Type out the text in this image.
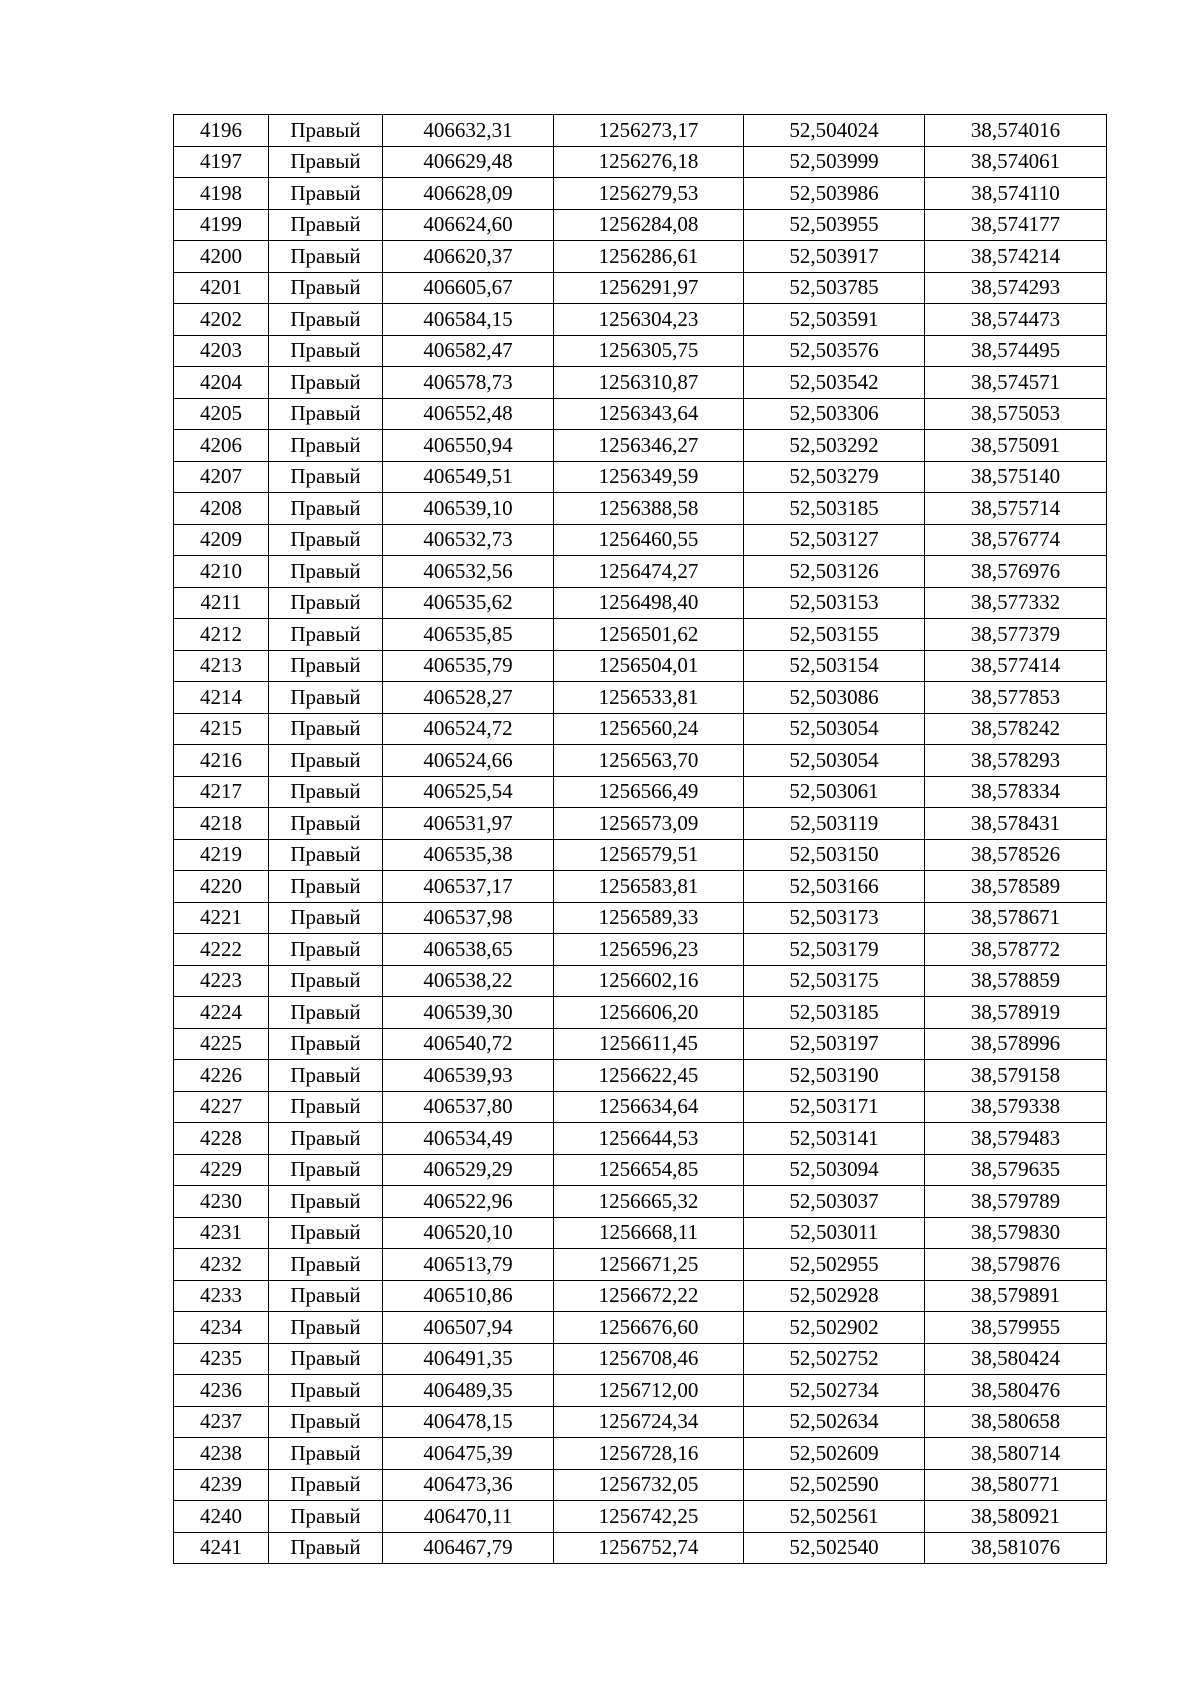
4196	Правый	406632,31	1256273,17	52,504024	38,574016
4197	Правый	406629,48	1256276,18	52,503999	38,574061
4198	Правый	406628,09	1256279,53	52,503986	38,574110
4199	Правый	406624,60	1256284,08	52,503955	38,574177
4200	Правый	406620,37	1256286,61	52,503917	38,574214
4201	Правый	406605,67	1256291,97	52,503785	38,574293
4202	Правый	406584,15	1256304,23	52,503591	38,574473
4203	Правый	406582,47	1256305,75	52,503576	38,574495
4204	Правый	406578,73	1256310,87	52,503542	38,574571
4205	Правый	406552,48	1256343,64	52,503306	38,575053
4206	Правый	406550,94	1256346,27	52,503292	38,575091
4207	Правый	406549,51	1256349,59	52,503279	38,575140
4208	Правый	406539,10	1256388,58	52,503185	38,575714
4209	Правый	406532,73	1256460,55	52,503127	38,576774
4210	Правый	406532,56	1256474,27	52,503126	38,576976
4211	Правый	406535,62	1256498,40	52,503153	38,577332
4212	Правый	406535,85	1256501,62	52,503155	38,577379
4213	Правый	406535,79	1256504,01	52,503154	38,577414
4214	Правый	406528,27	1256533,81	52,503086	38,577853
4215	Правый	406524,72	1256560,24	52,503054	38,578242
4216	Правый	406524,66	1256563,70	52,503054	38,578293
4217	Правый	406525,54	1256566,49	52,503061	38,578334
4218	Правый	406531,97	1256573,09	52,503119	38,578431
4219	Правый	406535,38	1256579,51	52,503150	38,578526
4220	Правый	406537,17	1256583,81	52,503166	38,578589
4221	Правый	406537,98	1256589,33	52,503173	38,578671
4222	Правый	406538,65	1256596,23	52,503179	38,578772
4223	Правый	406538,22	1256602,16	52,503175	38,578859
4224	Правый	406539,30	1256606,20	52,503185	38,578919
4225	Правый	406540,72	1256611,45	52,503197	38,578996
4226	Правый	406539,93	1256622,45	52,503190	38,579158
4227	Правый	406537,80	1256634,64	52,503171	38,579338
4228	Правый	406534,49	1256644,53	52,503141	38,579483
4229	Правый	406529,29	1256654,85	52,503094	38,579635
4230	Правый	406522,96	1256665,32	52,503037	38,579789
4231	Правый	406520,10	1256668,11	52,503011	38,579830
4232	Правый	406513,79	1256671,25	52,502955	38,579876
4233	Правый	406510,86	1256672,22	52,502928	38,579891
4234	Правый	406507,94	1256676,60	52,502902	38,579955
4235	Правый	406491,35	1256708,46	52,502752	38,580424
4236	Правый	406489,35	1256712,00	52,502734	38,580476
4237	Правый	406478,15	1256724,34	52,502634	38,580658
4238	Правый	406475,39	1256728,16	52,502609	38,580714
4239	Правый	406473,36	1256732,05	52,502590	38,580771
4240	Правый	406470,11	1256742,25	52,502561	38,580921
4241	Правый	406467,79	1256752,74	52,502540	38,581076
